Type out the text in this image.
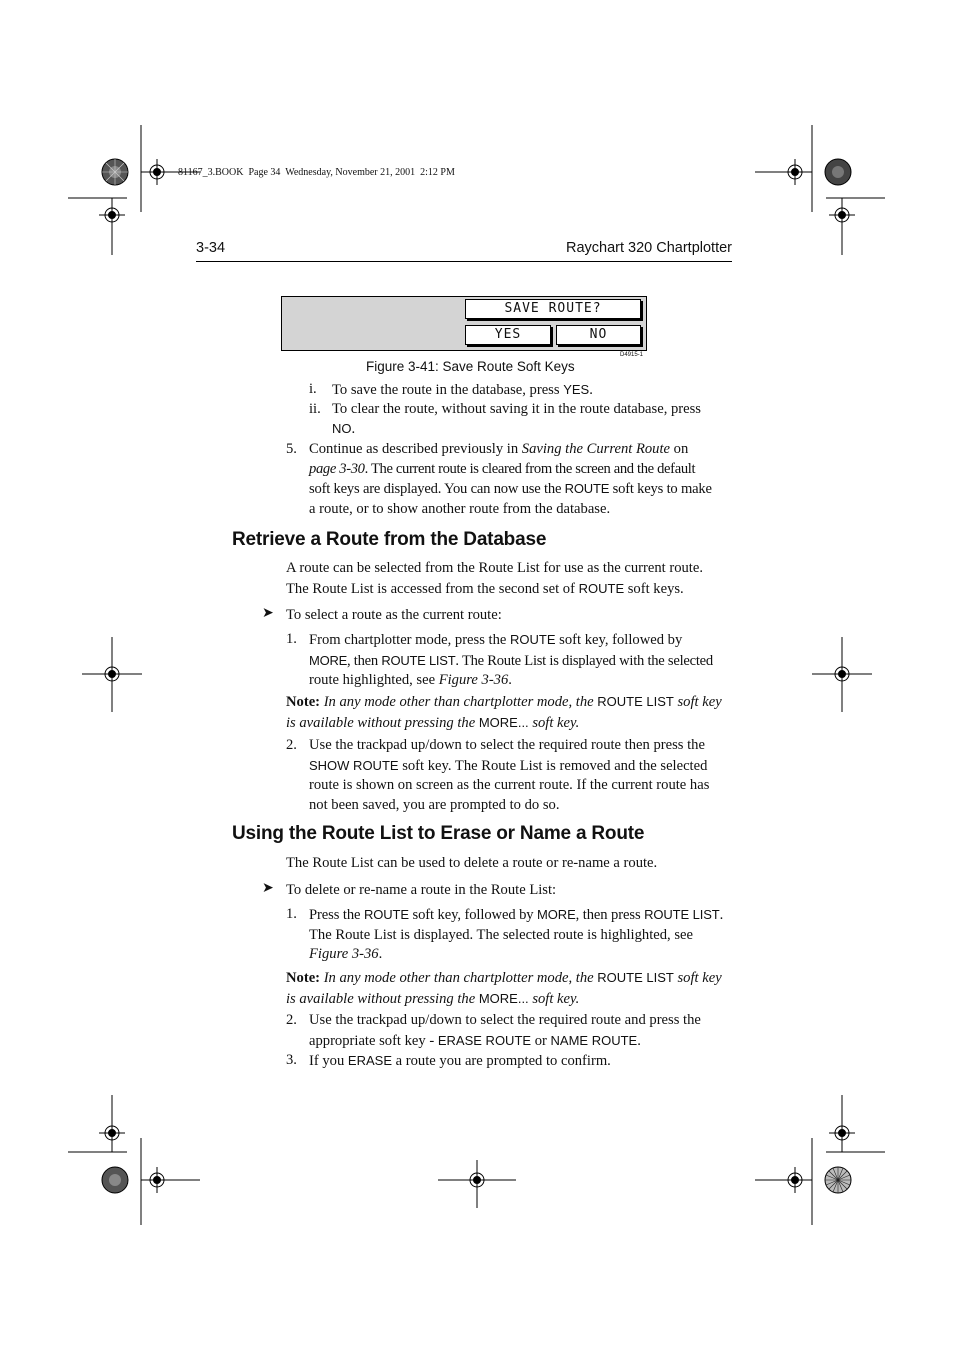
81167_3.BOOK  Page 34  Wednesday, November 21, 2001  2:12 PM
3-34	Raychart 320 Chartplotter
SAVE ROUTE?
YES	NO
D4915-1
Figure 3-41: Save Route Soft Keys
i. To save the route in the database, press YES.
ii. To clear the route, without saving it in the route database, press
NO.
5. Continue as described previously in Saving the Current Route on
page 3-30. The current route is cleared from the screen and the default
soft keys are displayed. You can now use the ROUTE soft keys to make
a route, or to show another route from the database.
Retrieve a Route from the Database
A route can be selected from the Route List for use as the current route.
The Route List is accessed from the second set of ROUTE soft keys.
➤ To select a route as the current route:
1. From chartplotter mode, press the ROUTE soft key, followed by
MORE, then ROUTE LIST. The Route List is displayed with the selected
route highlighted, see Figure 3-36.
Note: In any mode other than chartplotter mode, the ROUTE LIST soft key
is available without pressing the MORE... soft key.
2. Use the trackpad up/down to select the required route then press the
SHOW ROUTE soft key. The Route List is removed and the selected
route is shown on screen as the current route. If the current route has
not been saved, you are prompted to do so.
Using the Route List to Erase or Name a Route
The Route List can be used to delete a route or re-name a route.
➤ To delete or re-name a route in the Route List:
1. Press the ROUTE soft key, followed by MORE, then press ROUTE LIST.
The Route List is displayed. The selected route is highlighted, see
Figure 3-36.
Note: In any mode other than chartplotter mode, the ROUTE LIST soft key
is available without pressing the MORE... soft key.
2. Use the trackpad up/down to select the required route and press the
appropriate soft key - ERASE ROUTE or NAME ROUTE.
3. If you ERASE a route you are prompted to confirm.
